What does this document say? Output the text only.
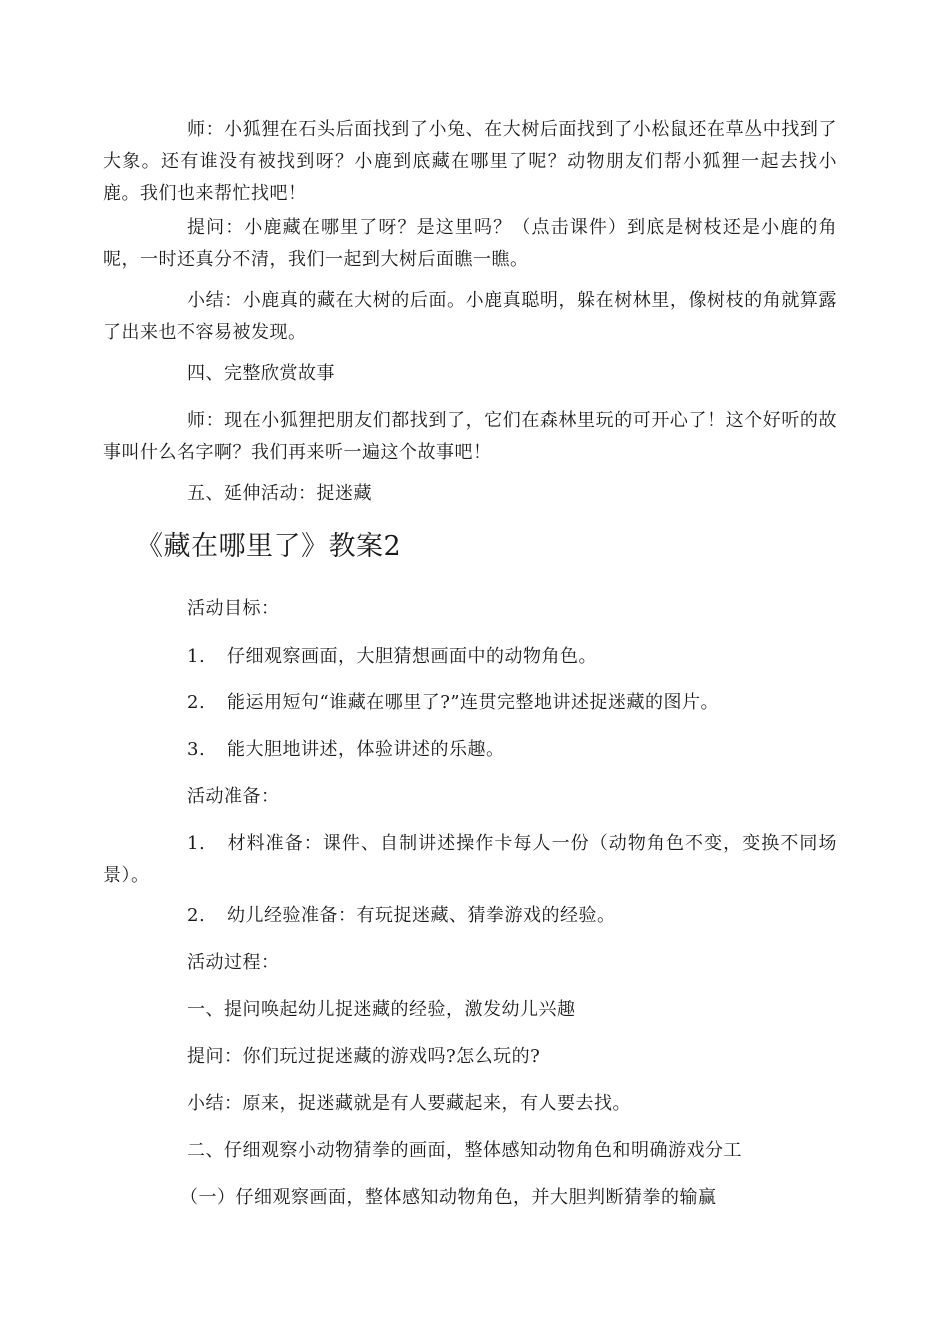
师：小狐狸在石头后面找到了小兔、在大树后面找到了小松鼠还在草丛中找到了大象。还有谁没有被找到呀？小鹿到底藏在哪里了呢？动物朋友们帮小狐狸一起去找小鹿。我们也来帮忙找吧！

提问：小鹿藏在哪里了呀？是这里吗？（点击课件）到底是树枝还是小鹿的角呢，一时还真分不清，我们一起到大树后面瞧一瞧。

小结：小鹿真的藏在大树的后面。小鹿真聪明，躲在树林里，像树枝的角就算露了出来也不容易被发现。

四、完整欣赏故事

师：现在小狐狸把朋友们都找到了，它们在森林里玩的可开心了！这个好听的故事叫什么名字啊？我们再来听一遍这个故事吧！

五、延伸活动：捉迷藏

《藏在哪里了》教案2

活动目标：

1. 仔细观察画面，大胆猜想画面中的动物角色。

2. 能运用短句“谁藏在哪里了?”连贯完整地讲述捉迷藏的图片。

3. 能大胆地讲述，体验讲述的乐趣。

活动准备：

1. 材料准备：课件、自制讲述操作卡每人一份（动物角色不变，变换不同场景）。

2. 幼儿经验准备：有玩捉迷藏、猜拳游戏的经验。

活动过程：

一、提问唤起幼儿捉迷藏的经验，激发幼儿兴趣

提问：你们玩过捉迷藏的游戏吗?怎么玩的?

小结：原来，捉迷藏就是有人要藏起来，有人要去找。

二、仔细观察小动物猜拳的画面，整体感知动物角色和明确游戏分工

（一）仔细观察画面，整体感知动物角色，并大胆判断猜拳的输赢
